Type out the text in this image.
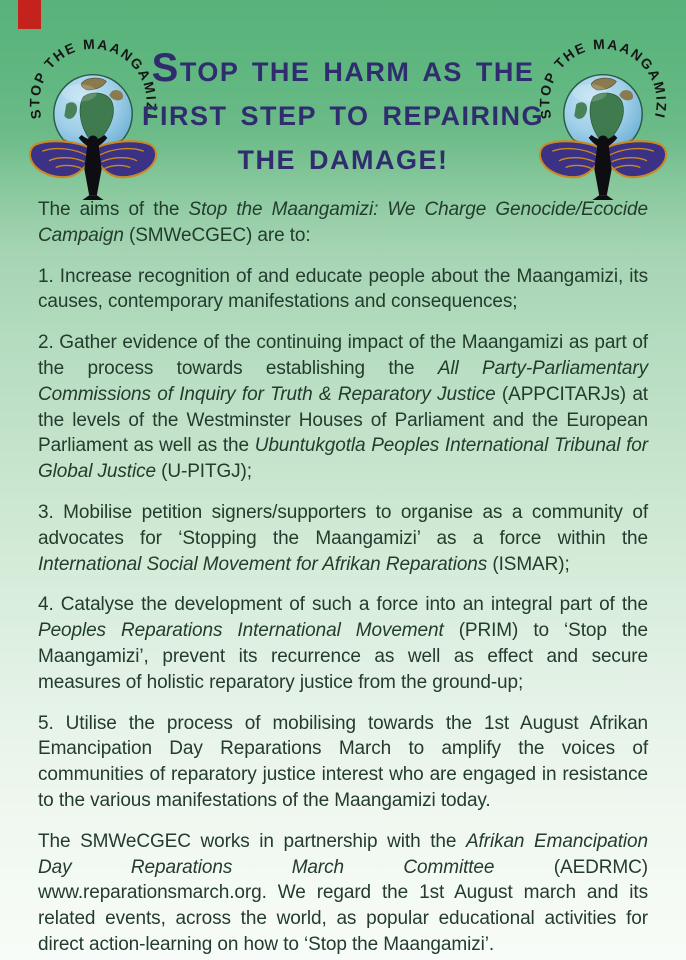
STOP THE HARM AS THE
FIRST STEP TO REPAIRING
THE DAMAGE!

The aims of the Stop the Maangamizi: We Charge Genocide/Ecocide Campaign (SMWeCGEC) are to:

1. Increase recognition of and educate people about the Maangamizi, its causes, contemporary manifestations and consequences;

2. Gather evidence of the continuing impact of the Maangamizi as part of the process towards establishing the All Party-Parliamentary Commissions of Inquiry for Truth & Reparatory Justice (APPCITARJs) at the levels of the Westminster Houses of Parliament and the European Parliament as well as the Ubuntukgotla Peoples International Tribunal for Global Justice (U-PITGJ);

3. Mobilise petition signers/supporters to organise as a community of advocates for ‘Stopping the Maangamizi’ as a force within the International Social Movement for Afrikan Reparations (ISMAR);

4. Catalyse the development of such a force into an integral part of the Peoples Reparations International Movement (PRIM) to ‘Stop the Maangamizi’, prevent its recurrence as well as effect and secure measures of holistic reparatory justice from the ground-up;

5. Utilise the process of mobilising towards the 1st August Afrikan Emancipation Day Reparations March to amplify the voices of communities of reparatory justice interest who are engaged in resistance to the various manifestations of the Maangamizi today.

The SMWeCGEC works in partnership with the Afrikan Emancipation Day Reparations March Committee (AEDRMC) www.reparationsmarch.org. We regard the 1st August march and its related events, across the world, as popular educational activities for direct action-learning on how to ‘Stop the Maangamizi’.
